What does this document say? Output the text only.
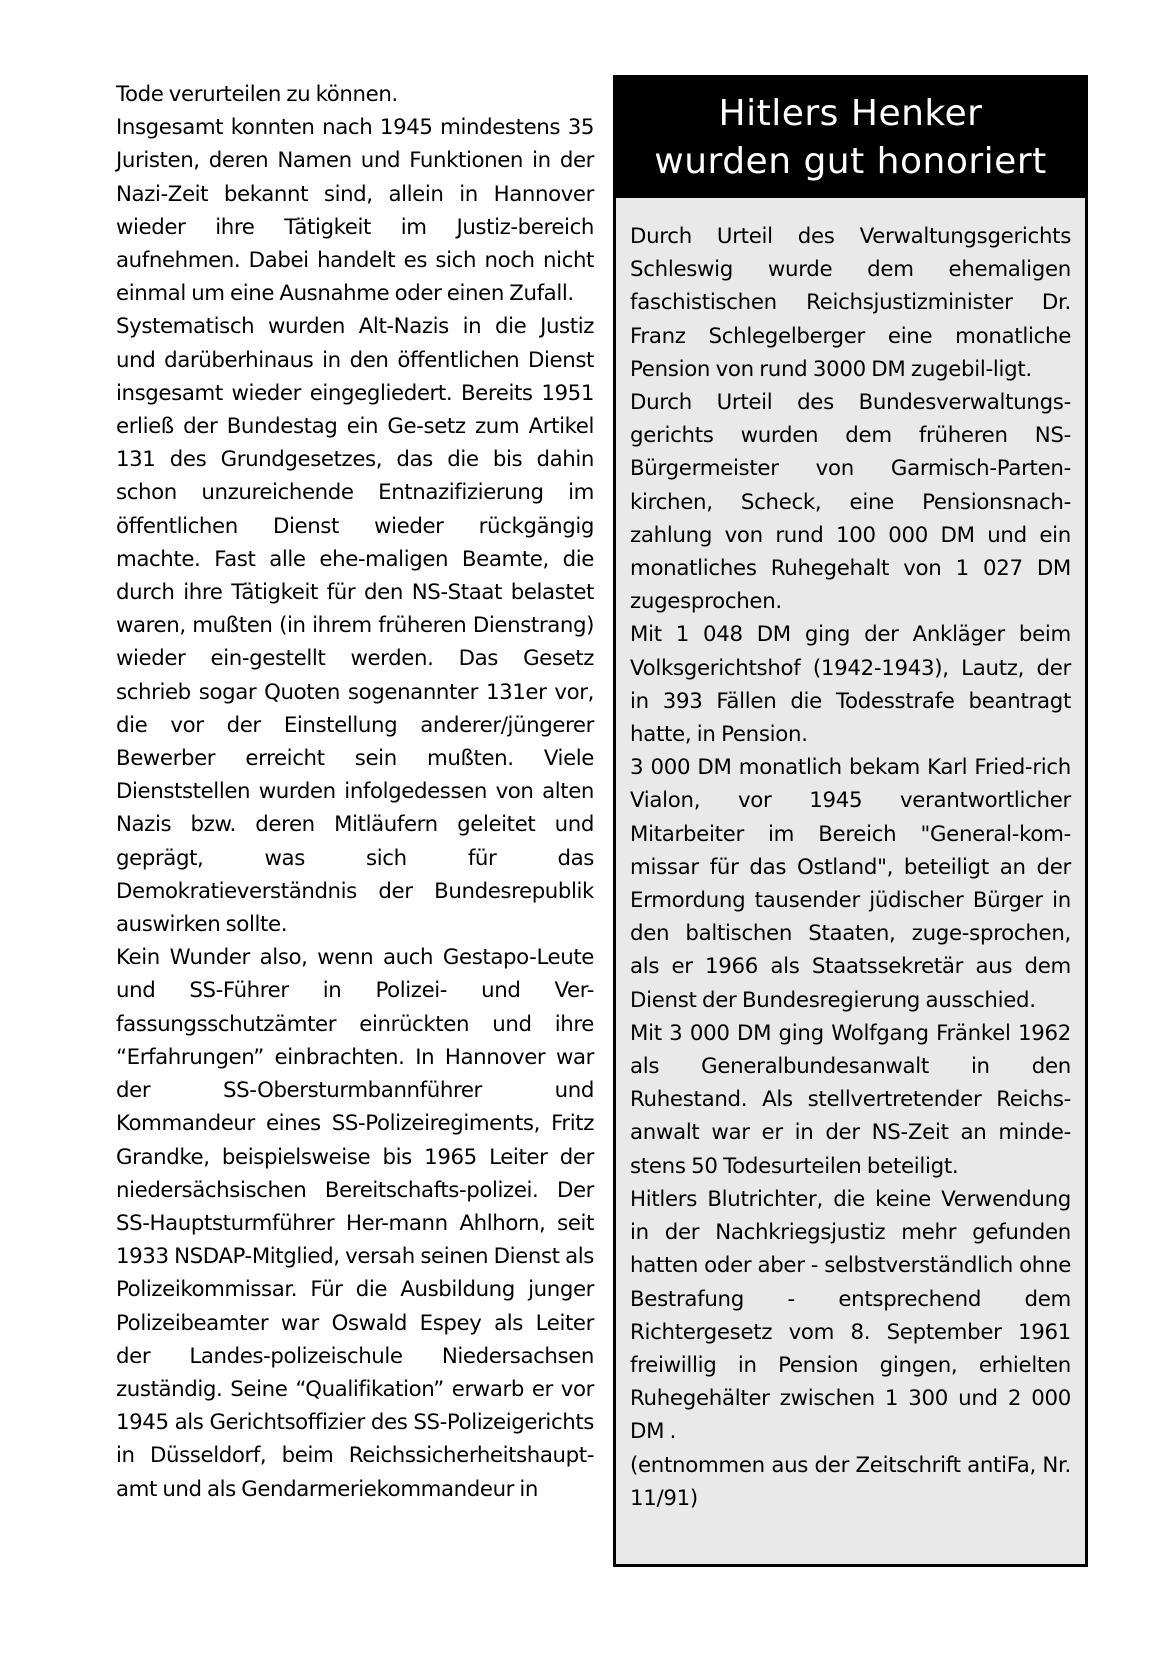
Tode verurteilen zu können.

Insgesamt konnten nach 1945 mindestens 35 Juristen, deren Namen und Funktionen in der Nazi-Zeit bekannt sind, allein in Hannover wieder ihre Tätigkeit im Justiz-bereich aufnehmen. Dabei handelt es sich noch nicht einmal um eine Ausnahme oder einen Zufall.

Systematisch wurden Alt-Nazis in die Justiz und darüberhinaus in den öffentlichen Dienst insgesamt wieder eingegliedert. Bereits 1951 erließ der Bundestag ein Ge-setz zum Artikel 131 des Grundgesetzes, das die bis dahin schon unzureichende Entnazifizierung im öffentlichen Dienst wieder rückgängig machte. Fast alle ehe-maligen Beamte, die durch ihre Tätigkeit für den NS-Staat belastet waren, mußten (in ihrem früheren Dienstrang) wieder ein-gestellt werden. Das Gesetz schrieb sogar Quoten sogenannter 131er vor, die vor der Einstellung anderer/jüngerer Bewerber erreicht sein mußten. Viele Dienststellen wurden infolgedessen von alten Nazis bzw. deren Mitläufern geleitet und geprägt, was sich für das Demokratieverständnis der Bundesrepublik auswirken sollte.

Kein Wunder also, wenn auch Gestapo-Leute und SS-Führer in Polizei- und Ver-fassungsschutzämter einrückten und ihre “Erfahrungen” einbrachten. In Hannover war der SS-Obersturmbannführer und Kommandeur eines SS-Polizeiregiments, Fritz Grandke, beispielsweise bis 1965 Leiter der niedersächsischen Bereitschafts-polizei. Der SS-Hauptsturmführer Her-mann Ahlhorn, seit 1933 NSDAP-Mitglied, versah seinen Dienst als Polizeikommissar. Für die Ausbildung junger Polizeibeamter war Oswald Espey als Leiter der Landes-polizeischule Niedersachsen zuständig. Seine “Qualifikation” erwarb er vor 1945 als Gerichtsoffizier des SS-Polizeigerichts in Düsseldorf, beim Reichssicherheitshaupt-amt und als Gendarmeriekommandeur in

Hitlers Henker
wurden gut honoriert

Durch Urteil des Verwaltungsgerichts Schleswig wurde dem ehemaligen faschistischen Reichsjustizminister Dr. Franz Schlegelberger eine monatliche Pension von rund 3000 DM zugebil-ligt.

Durch Urteil des Bundesverwaltungs-gerichts wurden dem früheren NS-Bürgermeister von Garmisch-Parten-kirchen, Scheck, eine Pensionsnach-zahlung von rund 100 000 DM und ein monatliches Ruhegehalt von 1 027 DM zugesprochen.

Mit 1 048 DM ging der Ankläger beim Volksgerichtshof (1942-1943), Lautz, der in 393 Fällen die Todesstrafe beantragt hatte, in Pension.

3 000 DM monatlich bekam Karl Fried-rich Vialon, vor 1945 verantwortlicher Mitarbeiter im Bereich "General-kom-missar für das Ostland", beteiligt an der Ermordung tausender jüdischer Bürger in den baltischen Staaten, zuge-sprochen, als er 1966 als Staatssekretär aus dem Dienst der Bundesregierung ausschied.

Mit 3 000 DM ging Wolfgang Fränkel 1962 als Generalbundesanwalt in den Ruhestand. Als stellvertretender Reichs-anwalt war er in der NS-Zeit an minde-stens 50 Todesurteilen beteiligt.

Hitlers Blutrichter, die keine Verwendung in der Nachkriegsjustiz mehr gefunden hatten oder aber - selbstverständlich ohne Bestrafung - entsprechend dem Richtergesetz vom 8. September 1961 freiwillig in Pension gingen, erhielten Ruhegehälter zwischen 1 300 und 2 000 DM .

(entnommen aus der Zeitschrift antiFa, Nr. 11/91)
